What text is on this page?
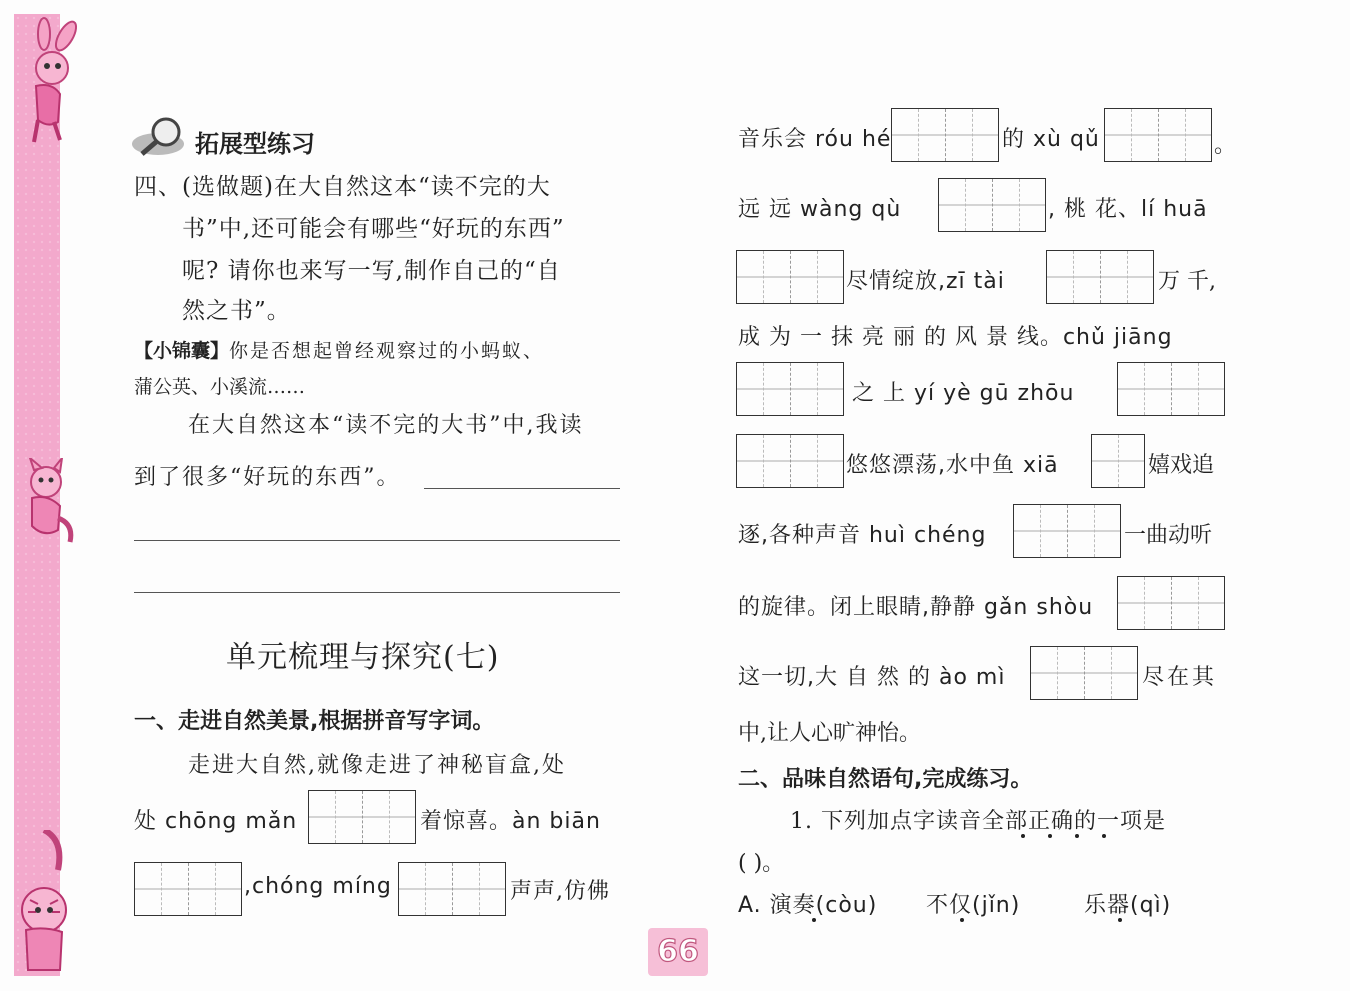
拓展型练习
四、(选做题)在大自然这本“读不完的大
书”中,还可能会有哪些“好玩的东西”
呢? 请你也来写一写,制作自己的“自
然之书”。
【小锦囊】你是否想起曾经观察过的小蚂蚁、
蒲公英、小溪流……
在大自然这本“读不完的大书”中,我读
到了很多“好玩的东西”。
单元梳理与探究(七)
一、走进自然美景,根据拼音写字词。
走进大自然,就像走进了神秘盲盒,处
处 chōng mǎn	着惊喜。àn biān
,chóng míng	声声,仿佛
音乐会 róu hé	的 xù qǔ	。
远 远 wàng qù	, 桃 花、lí huā
尽情绽放,zī tài	万 千,
成 为 一 抹 亮 丽 的 风 景 线。chǔ jiāng
之 上 yí yè gū zhōu
悠悠漂荡,水中鱼 xiā	嬉戏追
逐,各种声音 huì chéng	一曲动听
的旋律。闭上眼睛,静静 gǎn shòu
这一切,大 自 然 的 ào mì	尽在其
中,让人心旷神怡。
二、品味自然语句,完成练习。
1. 下列加点字读音全部正确的一项是
( )。
A. 演奏(còu) 不仅(jǐn)	乐器(qì)
66
